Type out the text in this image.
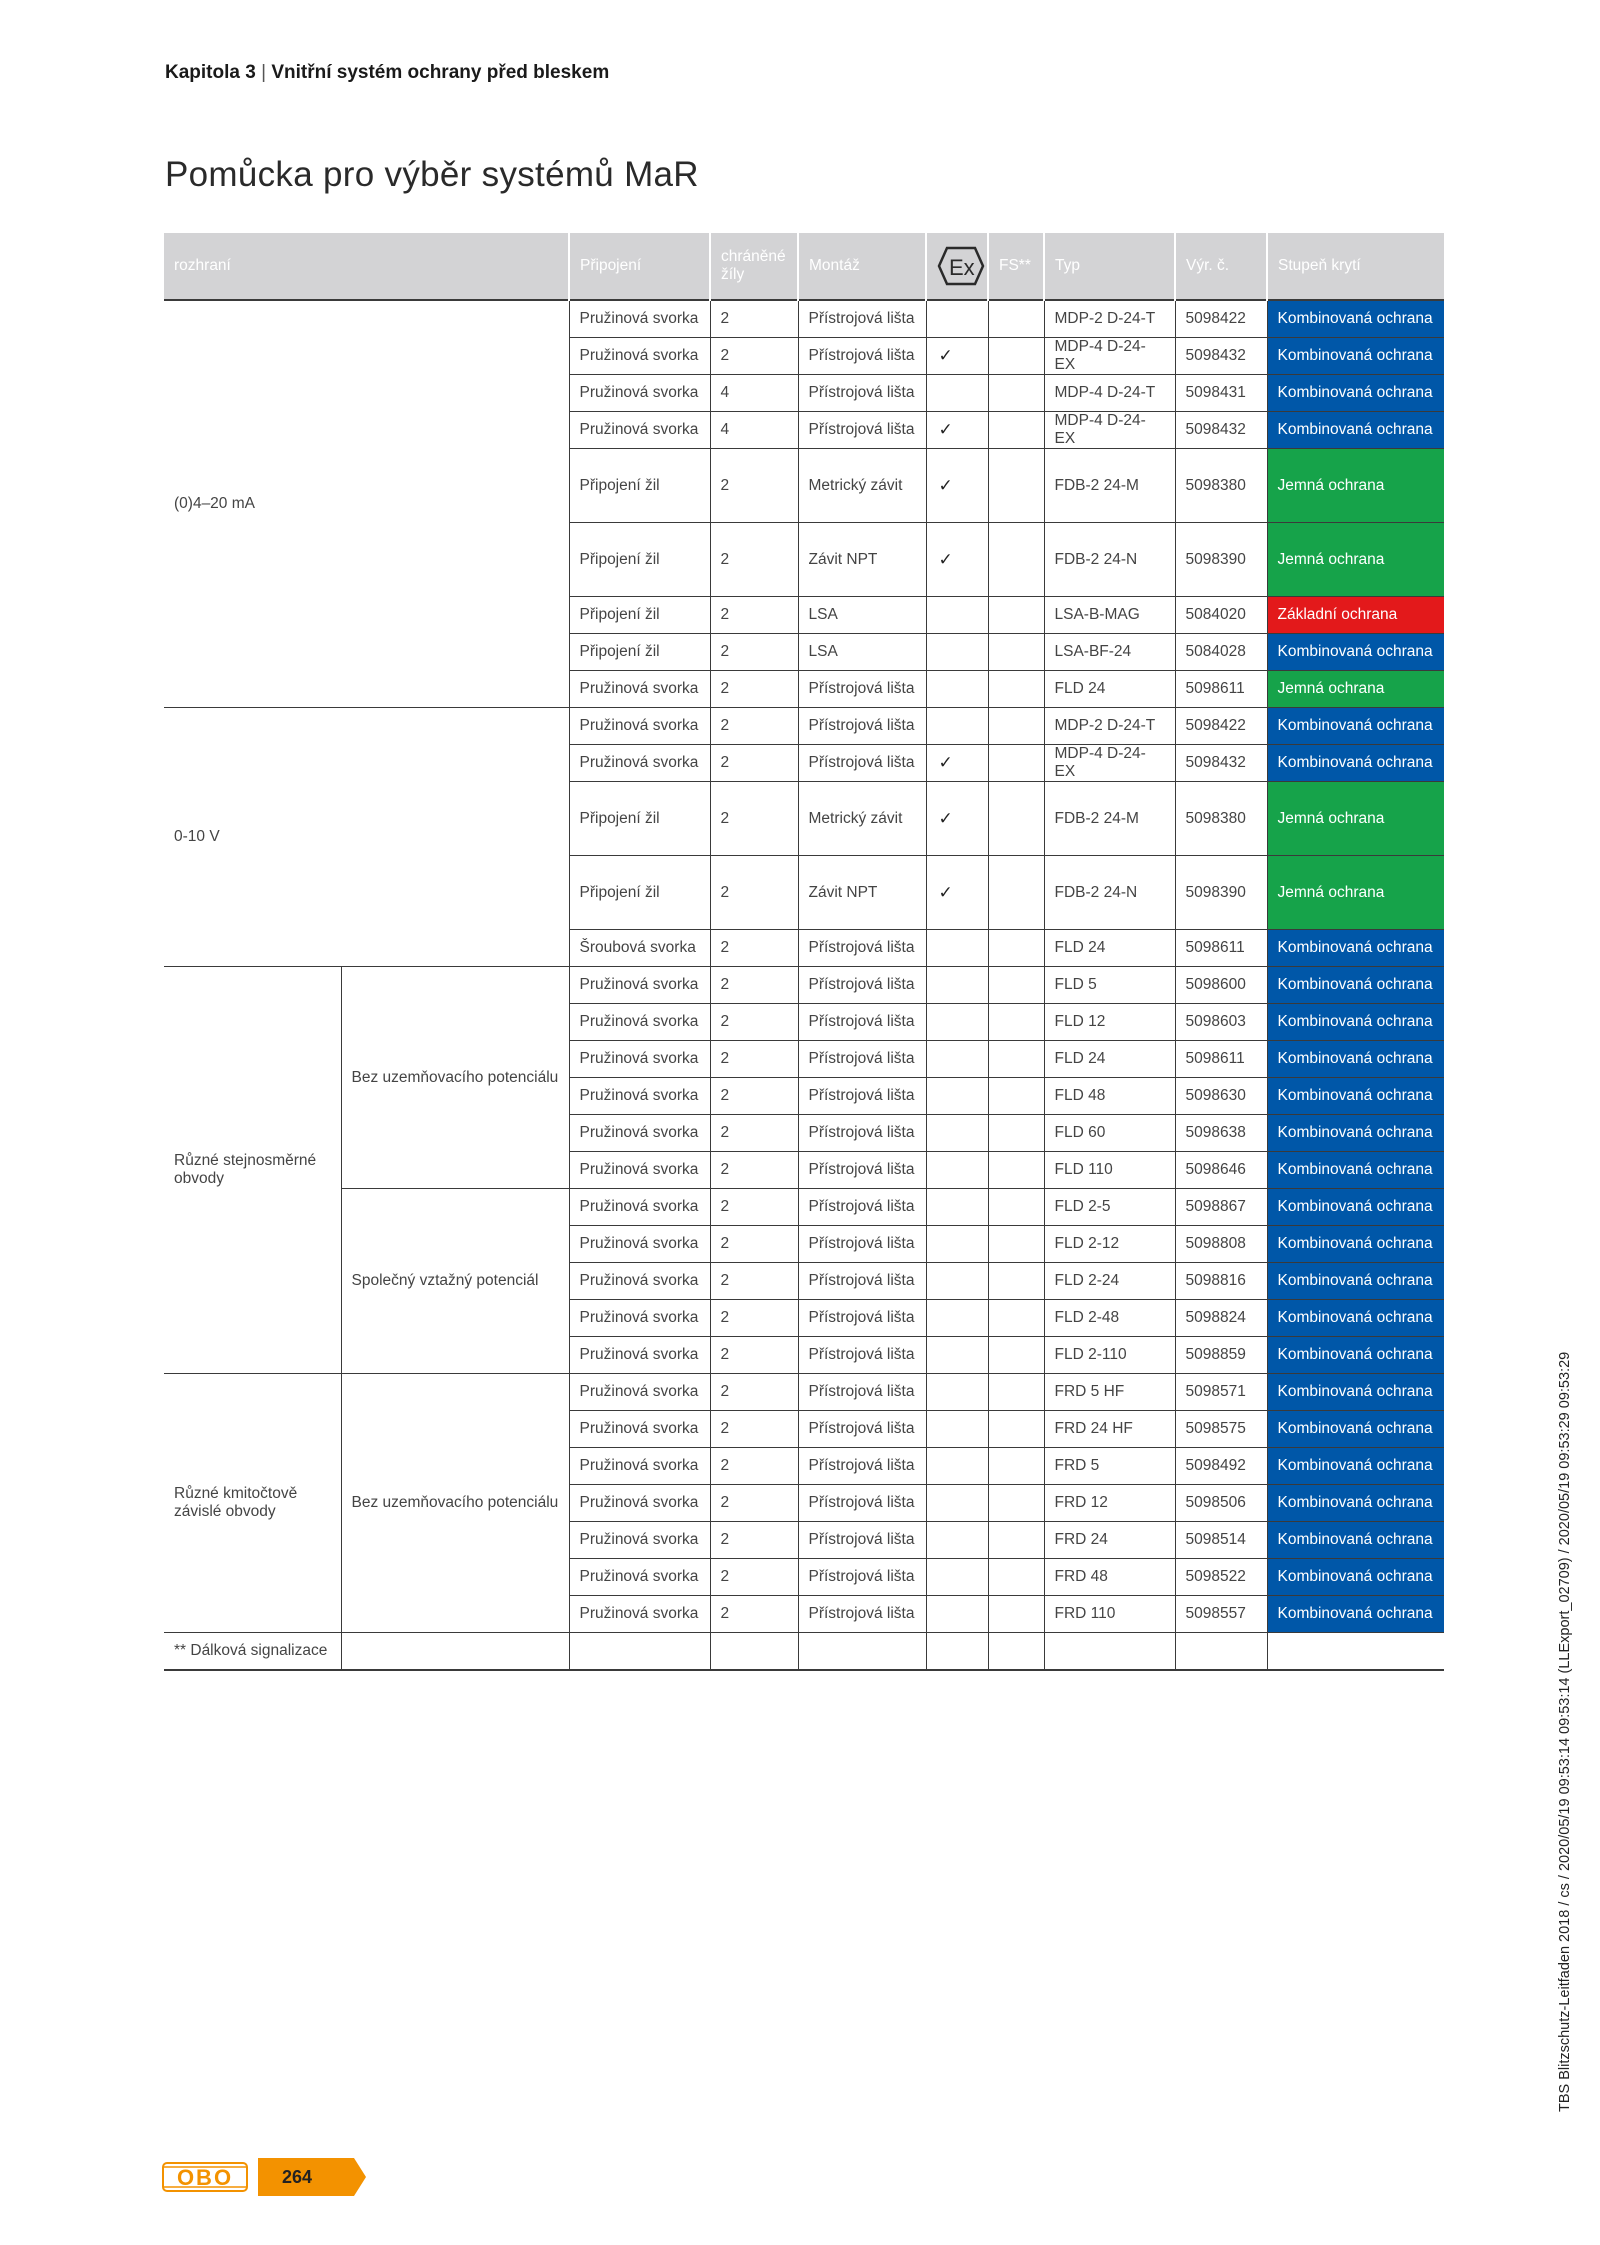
Kapitola 3 | Vnitřní systém ochrany před bleskem
Pomůcka pro výběr systémů MaR
rozhraní		Připojení	chráněné žíly	Montáž	Ex	FS**	Typ	Výr. č.	Stupeň krytí
(0)4–20 mA		Pružinová svorka	2	Přístrojová lišta			MDP-2 D-24-T	5098422	Kombinovaná ochrana
		Pružinová svorka	2	Přístrojová lišta	✓		MDP-4 D-24-EX	5098432	Kombinovaná ochrana
		Pružinová svorka	4	Přístrojová lišta			MDP-4 D-24-T	5098431	Kombinovaná ochrana
		Pružinová svorka	4	Přístrojová lišta	✓		MDP-4 D-24-EX	5098432	Kombinovaná ochrana
		Připojení žil	2	Metrický závit	✓		FDB-2 24-M	5098380	Jemná ochrana
		Připojení žil	2	Závit NPT	✓		FDB-2 24-N	5098390	Jemná ochrana
		Připojení žil	2	LSA			LSA-B-MAG	5084020	Základní ochrana
		Připojení žil	2	LSA			LSA-BF-24	5084028	Kombinovaná ochrana
		Pružinová svorka	2	Přístrojová lišta			FLD 24	5098611	Jemná ochrana
0-10 V		Pružinová svorka	2	Přístrojová lišta			MDP-2 D-24-T	5098422	Kombinovaná ochrana
		Pružinová svorka	2	Přístrojová lišta	✓		MDP-4 D-24-EX	5098432	Kombinovaná ochrana
		Připojení žil	2	Metrický závit	✓		FDB-2 24-M	5098380	Jemná ochrana
		Připojení žil	2	Závit NPT	✓		FDB-2 24-N	5098390	Jemná ochrana
		Šroubová svorka	2	Přístrojová lišta			FLD 24	5098611	Kombinovaná ochrana
Různé stejnosměrné obvody	Bez uzemňovacího potenciálu	Pružinová svorka	2	Přístrojová lišta			FLD 5	5098600	Kombinovaná ochrana
		Pružinová svorka	2	Přístrojová lišta			FLD 12	5098603	Kombinovaná ochrana
		Pružinová svorka	2	Přístrojová lišta			FLD 24	5098611	Kombinovaná ochrana
		Pružinová svorka	2	Přístrojová lišta			FLD 48	5098630	Kombinovaná ochrana
		Pružinová svorka	2	Přístrojová lišta			FLD 60	5098638	Kombinovaná ochrana
		Pružinová svorka	2	Přístrojová lišta			FLD 110	5098646	Kombinovaná ochrana
	Společný vztažný potenciál	Pružinová svorka	2	Přístrojová lišta			FLD 2-5	5098867	Kombinovaná ochrana
		Pružinová svorka	2	Přístrojová lišta			FLD 2-12	5098808	Kombinovaná ochrana
		Pružinová svorka	2	Přístrojová lišta			FLD 2-24	5098816	Kombinovaná ochrana
		Pružinová svorka	2	Přístrojová lišta			FLD 2-48	5098824	Kombinovaná ochrana
		Pružinová svorka	2	Přístrojová lišta			FLD 2-110	5098859	Kombinovaná ochrana
Různé kmitočtově závislé obvody	Bez uzemňovacího potenciálu	Pružinová svorka	2	Přístrojová lišta			FRD 5 HF	5098571	Kombinovaná ochrana
		Pružinová svorka	2	Přístrojová lišta			FRD 24 HF	5098575	Kombinovaná ochrana
		Pružinová svorka	2	Přístrojová lišta			FRD 5	5098492	Kombinovaná ochrana
		Pružinová svorka	2	Přístrojová lišta			FRD 12	5098506	Kombinovaná ochrana
		Pružinová svorka	2	Přístrojová lišta			FRD 24	5098514	Kombinovaná ochrana
		Pružinová svorka	2	Přístrojová lišta			FRD 48	5098522	Kombinovaná ochrana
		Pružinová svorka	2	Přístrojová lišta			FRD 110	5098557	Kombinovaná ochrana
** Dálková signalizace										TBS Blitzschutz-Leitfaden 2018 / cs / 2020/05/19 09:53:14 09:53:14 (LLExport_02709) / 2020/05/19 09:53:29 09:53:29
OBO	264
